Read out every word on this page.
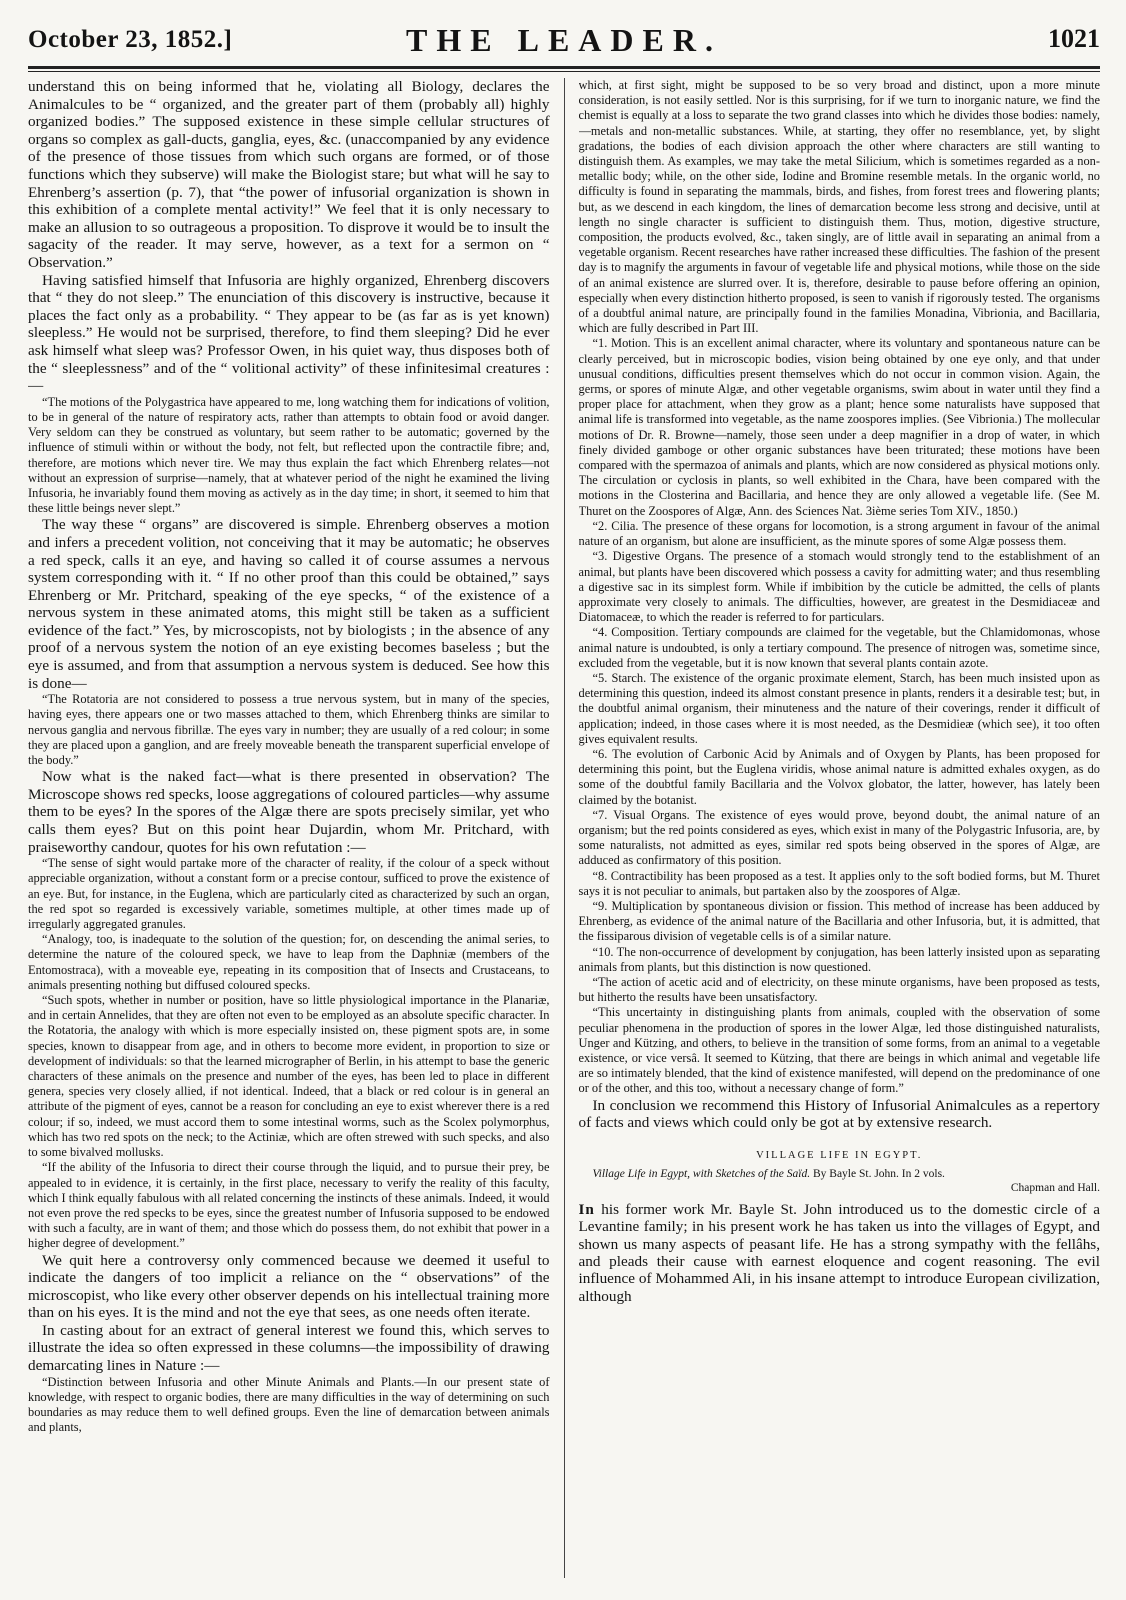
October 23, 1852.]	THE LEADER.	1021

understand this on being informed that he, violating all Biology, declares the Animalcules to be “ organized, and the greater part of them (probably all) highly organized bodies.” The supposed existence in these simple cellular structures of organs so complex as gall-ducts, ganglia, eyes, &c. (unaccompanied by any evidence of the presence of those tissues from which such organs are formed, or of those functions which they subserve) will make the Biologist stare; but what will he say to Ehrenberg’s assertion (p. 7), that “the power of infusorial organization is shown in this exhibition of a complete mental activity!” We feel that it is only necessary to make an allusion to so outrageous a proposition. To disprove it would be to insult the sagacity of the reader. It may serve, however, as a text for a sermon on “ Observation.”

Having satisfied himself that Infusoria are highly organized, Ehrenberg discovers that “ they do not sleep.” The enunciation of this discovery is instructive, because it places the fact only as a probability. “ They appear to be (as far as is yet known) sleepless.” He would not be surprised, therefore, to find them sleeping? Did he ever ask himself what sleep was? Professor Owen, in his quiet way, thus disposes both of the “ sleeplessness” and of the “ volitional activity” of these infinitesimal creatures :—

“The motions of the Polygastrica have appeared to me, long watching them for indications of volition, to be in general of the nature of respiratory acts, rather than attempts to obtain food or avoid danger. Very seldom can they be construed as voluntary, but seem rather to be automatic; governed by the influence of stimuli within or without the body, not felt, but reflected upon the contractile fibre; and, therefore, are motions which never tire. We may thus explain the fact which Ehrenberg relates—not without an expression of surprise—namely, that at whatever period of the night he examined the living Infusoria, he invariably found them moving as actively as in the day time; in short, it seemed to him that these little beings never slept.”

The way these “ organs” are discovered is simple. Ehrenberg observes a motion and infers a precedent volition, not conceiving that it may be automatic; he observes a red speck, calls it an eye, and having so called it of course assumes a nervous system corresponding with it. “ If no other proof than this could be obtained,” says Ehrenberg or Mr. Pritchard, speaking of the eye specks, “ of the existence of a nervous system in these animated atoms, this might still be taken as a sufficient evidence of the fact.” Yes, by microscopists, not by biologists ; in the absence of any proof of a nervous system the notion of an eye existing becomes baseless ; but the eye is assumed, and from that assumption a nervous system is deduced. See how this is done—

“The Rotatoria are not considered to possess a true nervous system, but in many of the species, having eyes, there appears one or two masses attached to them, which Ehrenberg thinks are similar to nervous ganglia and nervous fibrillæ. The eyes vary in number; they are usually of a red colour; in some they are placed upon a ganglion, and are freely moveable beneath the transparent superficial envelope of the body.”

Now what is the naked fact—what is there presented in observation? The Microscope shows red specks, loose aggregations of coloured particles—why assume them to be eyes? In the spores of the Algæ there are spots precisely similar, yet who calls them eyes? But on this point hear Dujardin, whom Mr. Pritchard, with praiseworthy candour, quotes for his own refutation :—

“The sense of sight would partake more of the character of reality, if the colour of a speck without appreciable organization, without a constant form or a precise contour, sufficed to prove the existence of an eye. But, for instance, in the Euglena, which are particularly cited as characterized by such an organ, the red spot so regarded is excessively variable, sometimes multiple, at other times made up of irregularly aggregated granules.

“Analogy, too, is inadequate to the solution of the question; for, on descending the animal series, to determine the nature of the coloured speck, we have to leap from the Daphniæ (members of the Entomostraca), with a moveable eye, repeating in its composition that of Insects and Crustaceans, to animals presenting nothing but diffused coloured specks.

“Such spots, whether in number or position, have so little physiological importance in the Planariæ, and in certain Annelides, that they are often not even to be employed as an absolute specific character. In the Rotatoria, the analogy with which is more especially insisted on, these pigment spots are, in some species, known to disappear from age, and in others to become more evident, in proportion to size or development of individuals: so that the learned micrographer of Berlin, in his attempt to base the generic characters of these animals on the presence and number of the eyes, has been led to place in different genera, species very closely allied, if not identical. Indeed, that a black or red colour is in general an attribute of the pigment of eyes, cannot be a reason for concluding an eye to exist wherever there is a red colour; if so, indeed, we must accord them to some intestinal worms, such as the Scolex polymorphus, which has two red spots on the neck; to the Actiniæ, which are often strewed with such specks, and also to some bivalved mollusks.

“If the ability of the Infusoria to direct their course through the liquid, and to pursue their prey, be appealed to in evidence, it is certainly, in the first place, necessary to verify the reality of this faculty, which I think equally fabulous with all related concerning the instincts of these animals. Indeed, it would not even prove the red specks to be eyes, since the greatest number of Infusoria supposed to be endowed with such a faculty, are in want of them; and those which do possess them, do not exhibit that power in a higher degree of development.”

We quit here a controversy only commenced because we deemed it useful to indicate the dangers of too implicit a reliance on the “ observations” of the microscopist, who like every other observer depends on his intellectual training more than on his eyes. It is the mind and not the eye that sees, as one needs often iterate.

In casting about for an extract of general interest we found this, which serves to illustrate the idea so often expressed in these columns—the impossibility of drawing demarcating lines in Nature :—

“Distinction between Infusoria and other Minute Animals and Plants.—In our present state of knowledge, with respect to organic bodies, there are many difficulties in the way of determining on such boundaries as may reduce them to well defined groups. Even the line of demarcation between animals and plants,

which, at first sight, might be supposed to be so very broad and distinct, upon a more minute consideration, is not easily settled. Nor is this surprising, for if we turn to inorganic nature, we find the chemist is equally at a loss to separate the two grand classes into which he divides those bodies: namely,—metals and non-metallic substances. While, at starting, they offer no resemblance, yet, by slight gradations, the bodies of each division approach the other where characters are still wanting to distinguish them. As examples, we may take the metal Silicium, which is sometimes regarded as a non-metallic body; while, on the other side, Iodine and Bromine resemble metals. In the organic world, no difficulty is found in separating the mammals, birds, and fishes, from forest trees and flowering plants; but, as we descend in each kingdom, the lines of demarcation become less strong and decisive, until at length no single character is sufficient to distinguish them. Thus, motion, digestive structure, composition, the products evolved, &c., taken singly, are of little avail in separating an animal from a vegetable organism. Recent researches have rather increased these difficulties. The fashion of the present day is to magnify the arguments in favour of vegetable life and physical motions, while those on the side of an animal existence are slurred over. It is, therefore, desirable to pause before offering an opinion, especially when every distinction hitherto proposed, is seen to vanish if rigorously tested. The organisms of a doubtful animal nature, are principally found in the families Monadina, Vibrionia, and Bacillaria, which are fully described in Part III.

“1. Motion. This is an excellent animal character, where its voluntary and spontaneous nature can be clearly perceived, but in microscopic bodies, vision being obtained by one eye only, and that under unusual conditions, difficulties present themselves which do not occur in common vision. Again, the germs, or spores of minute Algæ, and other vegetable organisms, swim about in water until they find a proper place for attachment, when they grow as a plant; hence some naturalists have supposed that animal life is transformed into vegetable, as the name zoospores implies. (See Vibrionia.) The mollecular motions of Dr. R. Browne—namely, those seen under a deep magnifier in a drop of water, in which finely divided gamboge or other organic substances have been triturated; these motions have been compared with the spermazoa of animals and plants, which are now considered as physical motions only. The circulation or cyclosis in plants, so well exhibited in the Chara, have been compared with the motions in the Closterina and Bacillaria, and hence they are only allowed a vegetable life. (See M. Thuret on the Zoospores of Algæ, Ann. des Sciences Nat. 3ième series Tom XIV., 1850.)

“2. Cilia. The presence of these organs for locomotion, is a strong argument in favour of the animal nature of an organism, but alone are insufficient, as the minute spores of some Algæ possess them.

“3. Digestive Organs. The presence of a stomach would strongly tend to the establishment of an animal, but plants have been discovered which possess a cavity for admitting water; and thus resembling a digestive sac in its simplest form. While if imbibition by the cuticle be admitted, the cells of plants approximate very closely to animals. The difficulties, however, are greatest in the Desmidiaceæ and Diatomaceæ, to which the reader is referred to for particulars.

“4. Composition. Tertiary compounds are claimed for the vegetable, but the Chlamidomonas, whose animal nature is undoubted, is only a tertiary compound. The presence of nitrogen was, sometime since, excluded from the vegetable, but it is now known that several plants contain azote.

“5. Starch. The existence of the organic proximate element, Starch, has been much insisted upon as determining this question, indeed its almost constant presence in plants, renders it a desirable test; but, in the doubtful animal organism, their minuteness and the nature of their coverings, render it difficult of application; indeed, in those cases where it is most needed, as the Desmidieæ (which see), it too often gives equivalent results.

“6. The evolution of Carbonic Acid by Animals and of Oxygen by Plants, has been proposed for determining this point, but the Euglena viridis, whose animal nature is admitted exhales oxygen, as do some of the doubtful family Bacillaria and the Volvox globator, the latter, however, has lately been claimed by the botanist.

“7. Visual Organs. The existence of eyes would prove, beyond doubt, the animal nature of an organism; but the red points considered as eyes, which exist in many of the Polygastric Infusoria, are, by some naturalists, not admitted as eyes, similar red spots being observed in the spores of Algæ, are adduced as confirmatory of this position.

“8. Contractibility has been proposed as a test. It applies only to the soft bodied forms, but M. Thuret says it is not peculiar to animals, but partaken also by the zoospores of Algæ.

“9. Multiplication by spontaneous division or fission. This method of increase has been adduced by Ehrenberg, as evidence of the animal nature of the Bacillaria and other Infusoria, but, it is admitted, that the fissiparous division of vegetable cells is of a similar nature.

“10. The non-occurrence of development by conjugation, has been latterly insisted upon as separating animals from plants, but this distinction is now questioned.

“The action of acetic acid and of electricity, on these minute organisms, have been proposed as tests, but hitherto the results have been unsatisfactory.

“This uncertainty in distinguishing plants from animals, coupled with the observation of some peculiar phenomena in the production of spores in the lower Algæ, led those distinguished naturalists, Unger and Kützing, and others, to believe in the transition of some forms, from an animal to a vegetable existence, or vice versâ. It seemed to Kützing, that there are beings in which animal and vegetable life are so intimately blended, that the kind of existence manifested, will depend on the predominance of one or of the other, and this too, without a necessary change of form.”

In conclusion we recommend this History of Infusorial Animalcules as a repertory of facts and views which could only be got at by extensive research.

VILLAGE LIFE IN EGYPT.

Village Life in Egypt, with Sketches of the Saïd. By Bayle St. John. In 2 vols.

Chapman and Hall.

In his former work Mr. Bayle St. John introduced us to the domestic circle of a Levantine family; in his present work he has taken us into the villages of Egypt, and shown us many aspects of peasant life. He has a strong sympathy with the fellâhs, and pleads their cause with earnest eloquence and cogent reasoning. The evil influence of Mohammed Ali, in his insane attempt to introduce European civilization, although
